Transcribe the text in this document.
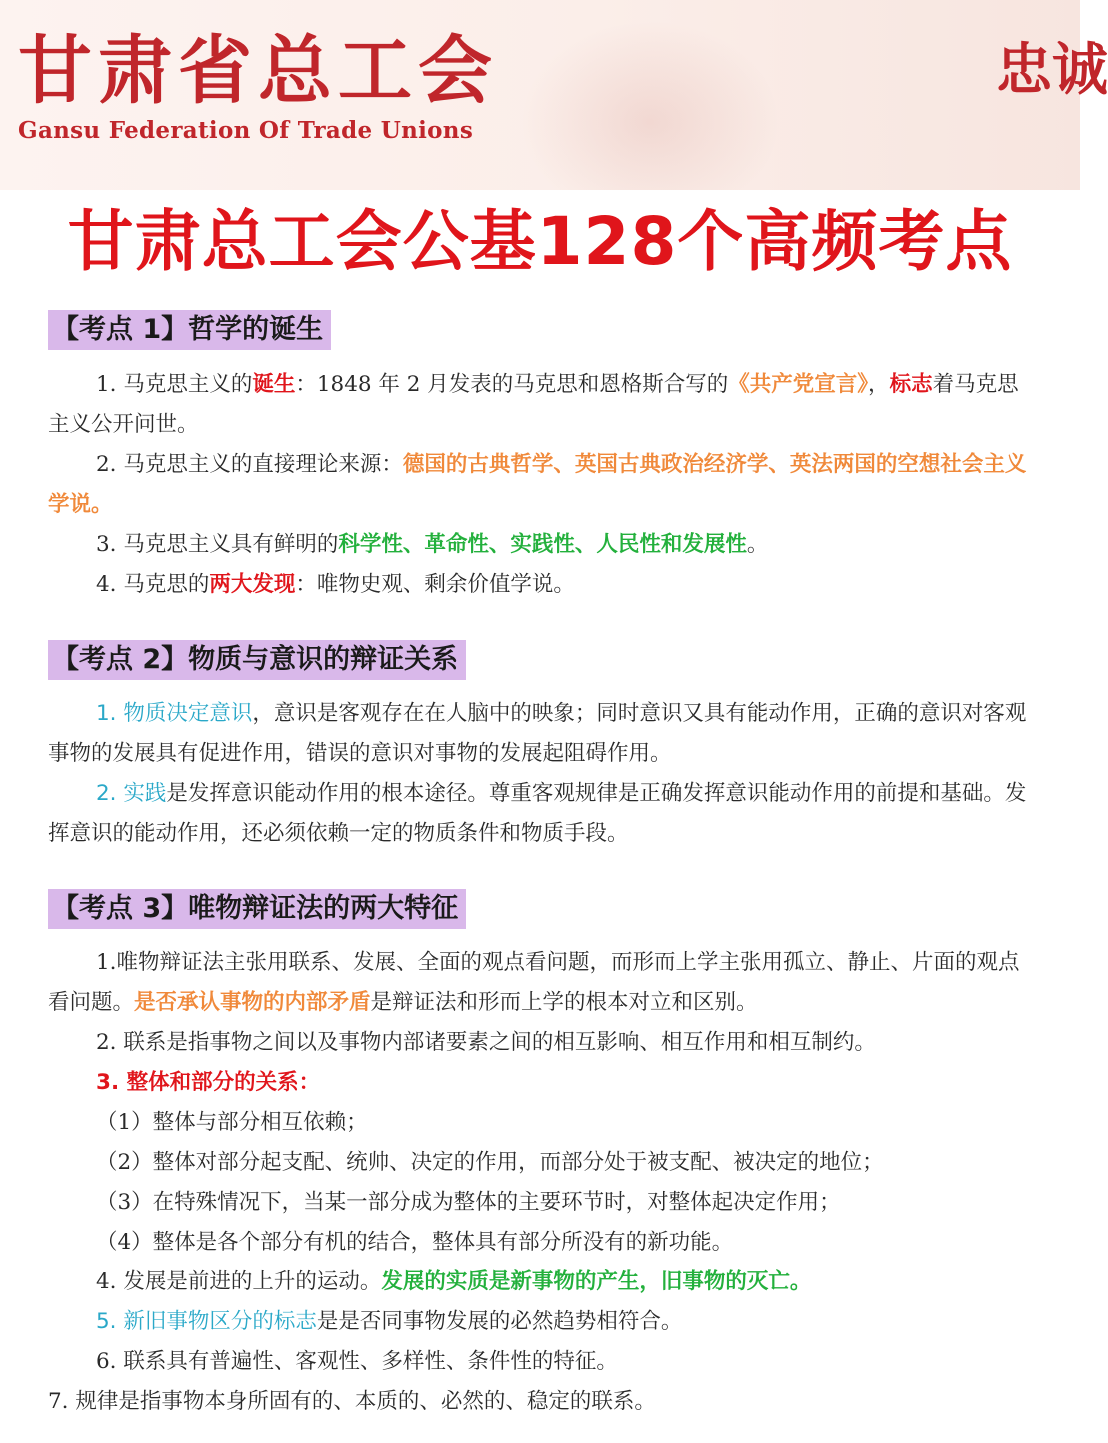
甘肃省总工会
Gansu Federation Of Trade Unions
忠诚
甘肃总工会公基128个高频考点
【考点 1】哲学的诞生
1. 马克思主义的诞生：1848 年 2 月发表的马克思和恩格斯合写的《共产党宣言》，标志着马克思主义公开问世。
2. 马克思主义的直接理论来源：德国的古典哲学、英国古典政治经济学、英法两国的空想社会主义学说。
3. 马克思主义具有鲜明的科学性、革命性、实践性、人民性和发展性。
4. 马克思的两大发现：唯物史观、剩余价值学说。
【考点 2】物质与意识的辩证关系
1. 物质决定意识，意识是客观存在在人脑中的映象；同时意识又具有能动作用，正确的意识对客观事物的发展具有促进作用，错误的意识对事物的发展起阻碍作用。
2. 实践是发挥意识能动作用的根本途径。尊重客观规律是正确发挥意识能动作用的前提和基础。发挥意识的能动作用，还必须依赖一定的物质条件和物质手段。
【考点 3】唯物辩证法的两大特征
1.唯物辩证法主张用联系、发展、全面的观点看问题，而形而上学主张用孤立、静止、片面的观点看问题。是否承认事物的内部矛盾是辩证法和形而上学的根本对立和区别。
2. 联系是指事物之间以及事物内部诸要素之间的相互影响、相互作用和相互制约。
3. 整体和部分的关系：
（1）整体与部分相互依赖；
（2）整体对部分起支配、统帅、决定的作用，而部分处于被支配、被决定的地位；
（3）在特殊情况下，当某一部分成为整体的主要环节时，对整体起决定作用；
（4）整体是各个部分有机的结合，整体具有部分所没有的新功能。
4. 发展是前进的上升的运动。发展的实质是新事物的产生，旧事物的灭亡。
5. 新旧事物区分的标志是是否同事物发展的必然趋势相符合。
6. 联系具有普遍性、客观性、多样性、条件性的特征。
7. 规律是指事物本身所固有的、本质的、必然的、稳定的联系。
